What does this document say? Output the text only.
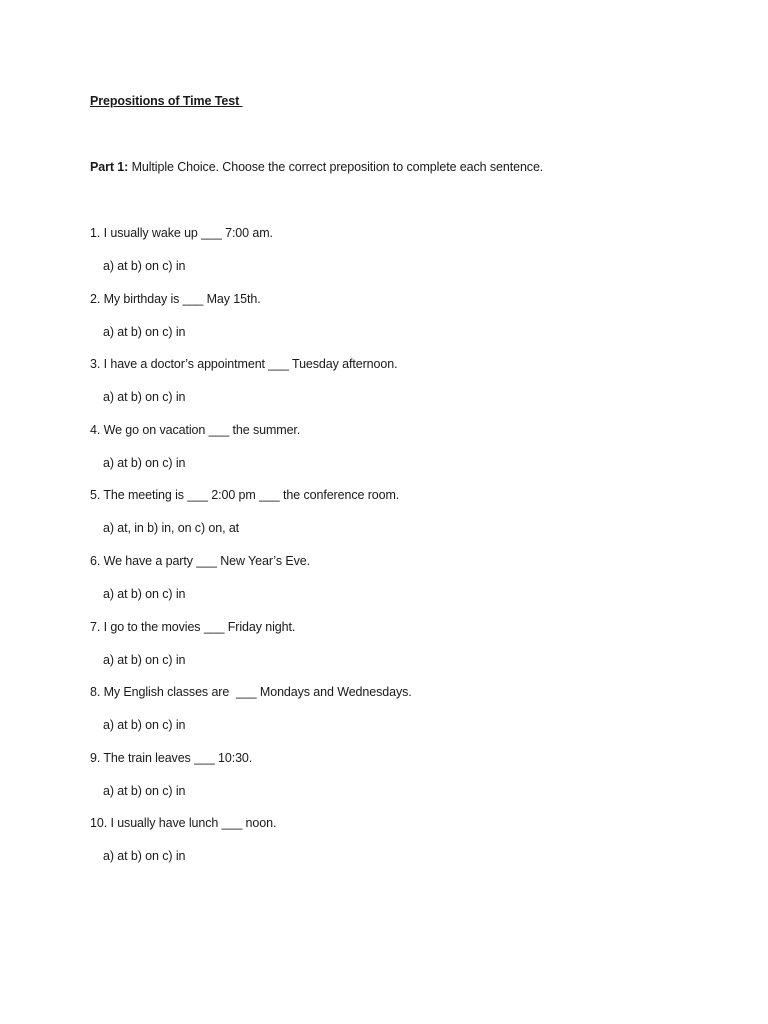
Prepositions of Time Test
Part 1: Multiple Choice. Choose the correct preposition to complete each sentence.
1. I usually wake up ___ 7:00 am.
a) at b) on c) in
2. My birthday is ___ May 15th.
a) at b) on c) in
3. I have a doctor’s appointment ___ Tuesday afternoon.
a) at b) on c) in
4. We go on vacation ___ the summer.
a) at b) on c) in
5. The meeting is ___ 2:00 pm ___ the conference room.
a) at, in b) in, on c) on, at
6. We have a party ___ New Year’s Eve.
a) at b) on c) in
7. I go to the movies ___ Friday night.
a) at b) on c) in
8. My English classes are  ___ Mondays and Wednesdays.
a) at b) on c) in
9. The train leaves ___ 10:30.
a) at b) on c) in
10. I usually have lunch ___ noon.
a) at b) on c) in
